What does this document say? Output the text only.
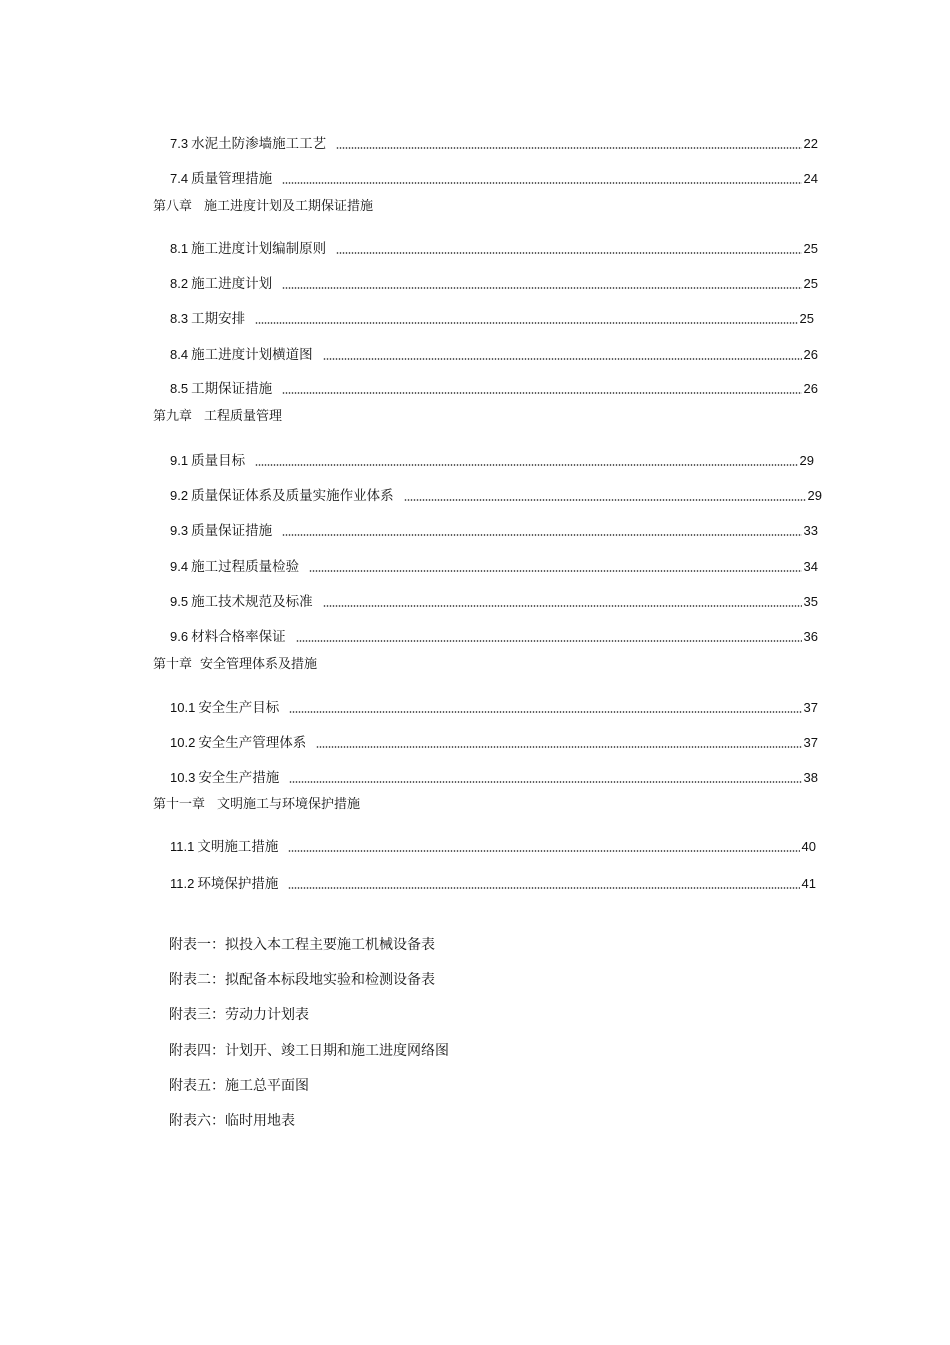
7.3 水泥土防渗墙施工工艺	22
7.4 质量管理措施	24
第八章 施工进度计划及工期保证措施
8.1 施工进度计划编制原则	25
8.2 施工进度计划	25
8.3 工期安排	25
8.4 施工进度计划横道图	26
8.5 工期保证措施	26
第九章 工程质量管理
9.1 质量目标	29
9.2 质量保证体系及质量实施作业体系	29
9.3 质量保证措施	33
9.4 施工过程质量检验	34
9.5 施工技术规范及标准	35
9.6 材料合格率保证	36
第十章 安全管理体系及措施
10.1 安全生产目标	37
10.2 安全生产管理体系	37
10.3 安全生产措施	38
第十一章 文明施工与环境保护措施
11.1 文明施工措施	40
11.2 环境保护措施	41
附表一：拟投入本工程主要施工机械设备表
附表二：拟配备本标段地实验和检测设备表
附表三：劳动力计划表
附表四：计划开、竣工日期和施工进度网络图
附表五：施工总平面图
附表六：临时用地表
